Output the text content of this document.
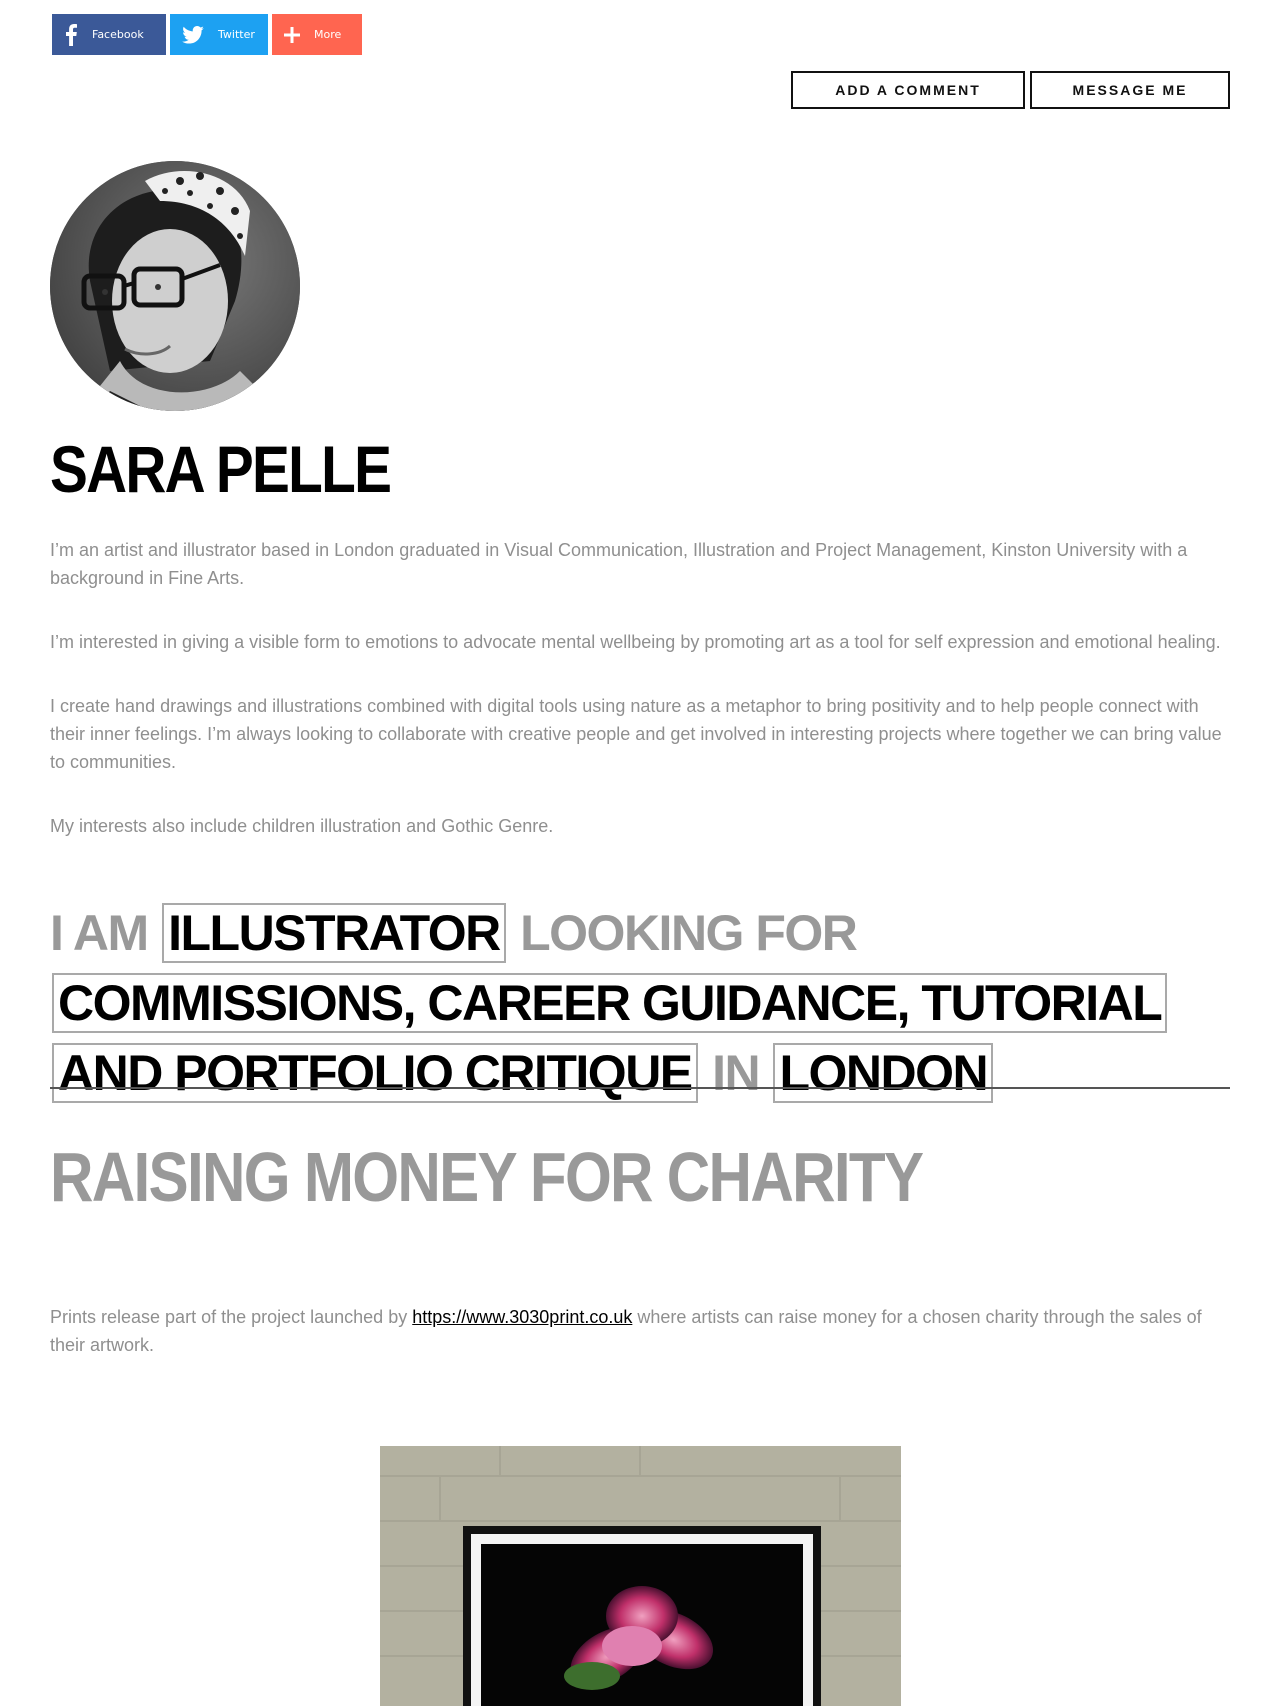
Facebook	Twitter	More
ADD A COMMENT	MESSAGE ME
SARA PELLE

I’m an artist and illustrator based in London graduated in Visual Communication, Illustration and Project Management, Kinston University with a background in Fine Arts.

I’m interested in giving a visible form to emotions to advocate mental wellbeing by promoting art as a tool for self expression and emotional healing.

I create hand drawings and illustrations combined with digital tools using nature as a metaphor to bring positivity and to help people connect with their inner feelings. I’m always looking to collaborate with creative people and get involved in interesting projects where together we can bring value to communities.

My interests also include children illustration and Gothic Genre.

I AM ILLUSTRATOR LOOKING FOR COMMISSIONS, CAREER GUIDANCE, TUTORIAL AND PORTFOLIO CRITIQUE IN LONDON

RAISING MONEY FOR CHARITY

Prints release part of the project launched by https://www.3030print.co.uk where artists can raise money for a chosen charity through the sales of their artwork.
